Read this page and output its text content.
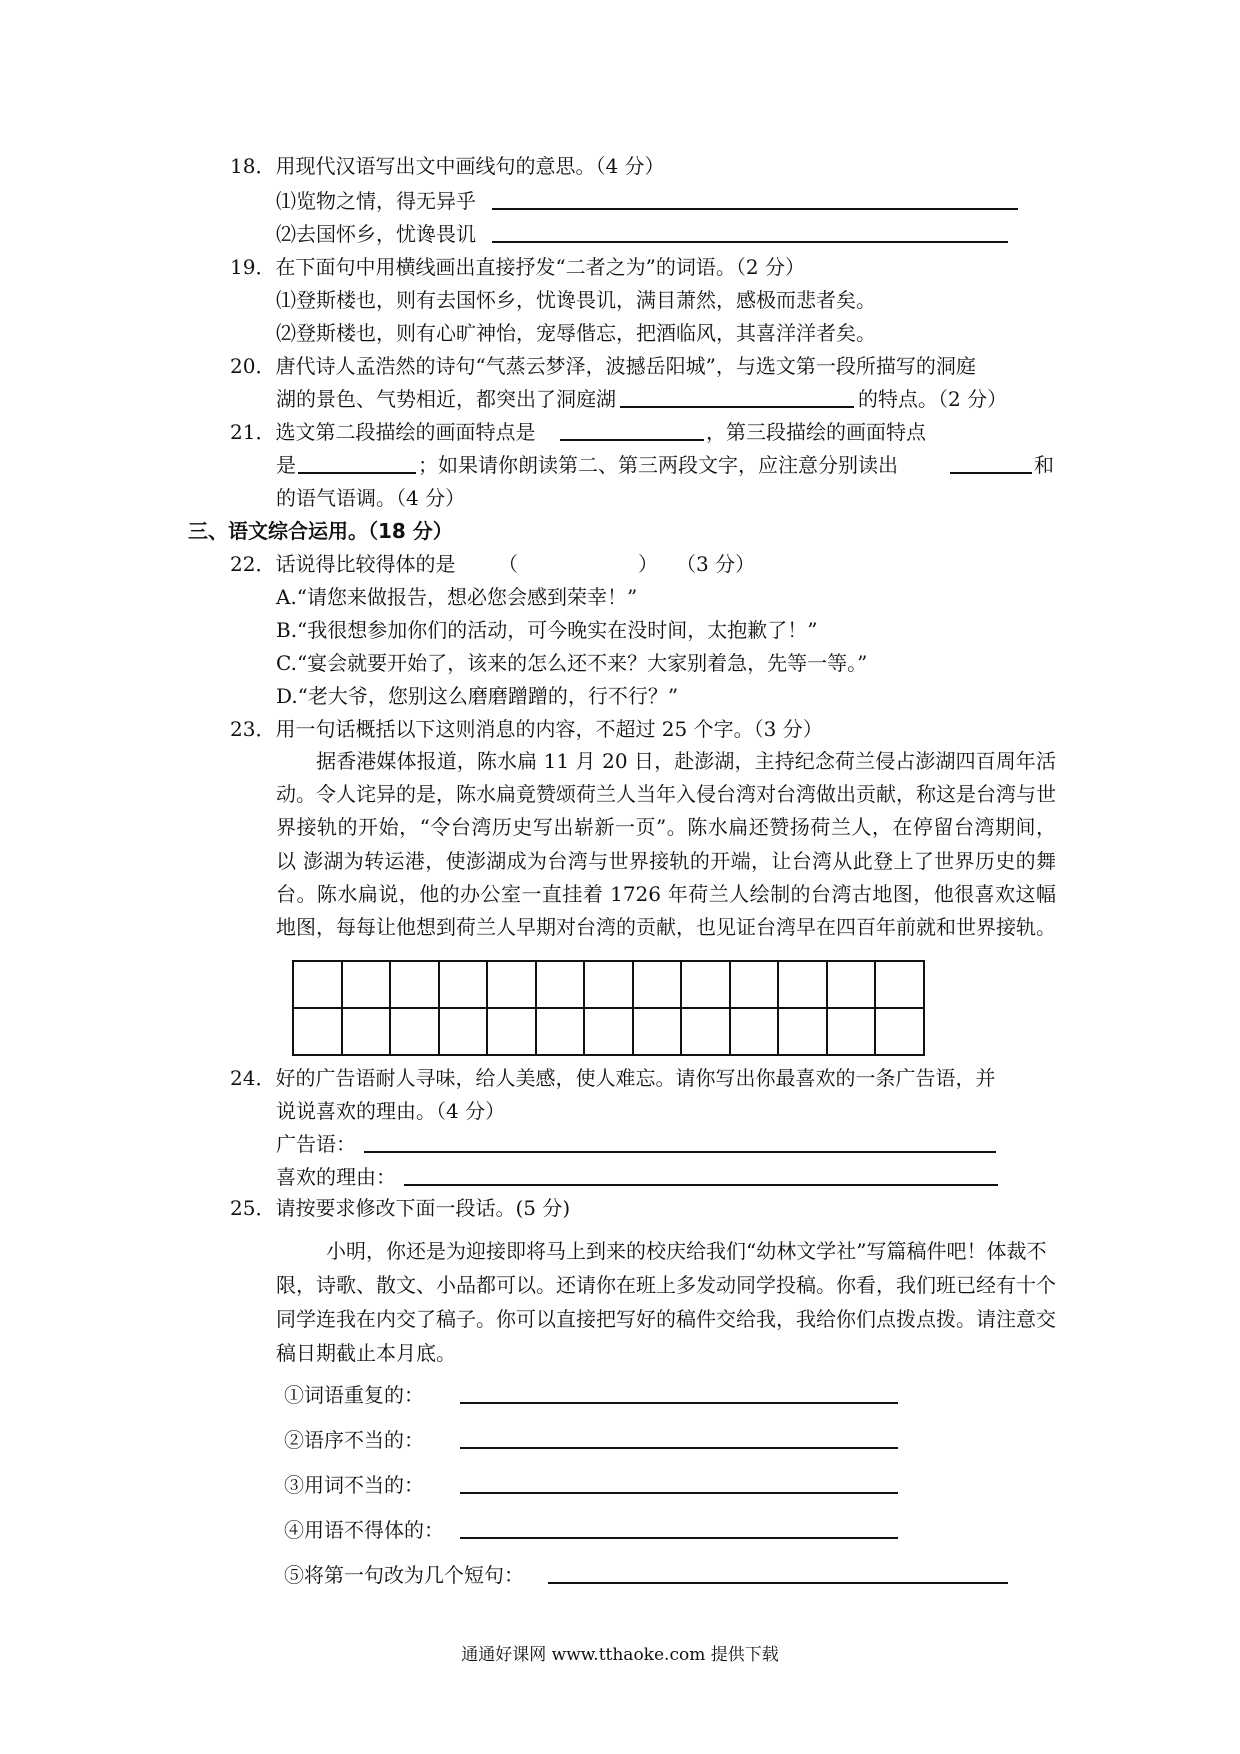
18．用现代汉语写出文中画线句的意思。（4 分）
⑴览物之情，得无异乎
⑵去国怀乡，忧谗畏讥
19．在下面句中用横线画出直接抒发“二者之为”的词语。（2 分）
⑴登斯楼也，则有去国怀乡，忧谗畏讥，满目萧然，感极而悲者矣。
⑵登斯楼也，则有心旷神怡，宠辱偕忘，把酒临风，其喜洋洋者矣。
20．唐代诗人孟浩然的诗句“气蒸云梦泽，波撼岳阳城”，与选文第一段所描写的洞庭
湖的景色、气势相近，都突出了洞庭湖	的特点。（2 分）
21．选文第二段描绘的画面特点是	，第三段描绘的画面特点
是	；如果请你朗读第二、第三两段文字，应注意分别读出	和
的语气语调。（4 分）
三、语文综合运用。（18 分）
22．话说得比较得体的是 （　　　　　　） （3 分）
A.“请您来做报告，想必您会感到荣幸！”
B.“我很想参加你们的活动，可今晚实在没时间，太抱歉了！”
C.“宴会就要开始了，该来的怎么还不来？大家别着急，先等一等。”
D.“老大爷，您别这么磨磨蹭蹭的，行不行？”
23．用一句话概括以下这则消息的内容，不超过 25 个字。（3 分）
据香港媒体报道，陈水扁 11 月 20 日，赴澎湖，主持纪念荷兰侵占澎湖四百周年活动。令人诧异的是，陈水扁竟赞颂荷兰人当年入侵台湾对台湾做出贡献，称这是台湾与世界接轨的开始，“令台湾历史写出崭新一页”。陈水扁还赞扬荷兰人，在停留台湾期间，以 澎湖为转运港，使澎湖成为台湾与世界接轨的开端，让台湾从此登上了世界历史的舞台。陈水扁说，他的办公室一直挂着 1726 年荷兰人绘制的台湾古地图，他很喜欢这幅地图，每每让他想到荷兰人早期对台湾的贡献，也见证台湾早在四百年前就和世界接轨。

24．好的广告语耐人寻味，给人美感，使人难忘。请你写出你最喜欢的一条广告语，并
说说喜欢的理由。（4 分）
广告语：
喜欢的理由：
25．请按要求修改下面一段话。(5 分)
小明，你还是为迎接即将马上到来的校庆给我们“幼林文学社”写篇稿件吧！体裁不限，诗歌、散文、小品都可以。还请你在班上多发动同学投稿。你看，我们班已经有十个同学连我在内交了稿子。你可以直接把写好的稿件交给我，我给你们点拨点拨。请注意交稿日期截止本月底。
①词语重复的：
②语序不当的：
③用词不当的：
④用语不得体的：
⑤将第一句改为几个短句：
通通好课网 www.tthaoke.com 提供下载
